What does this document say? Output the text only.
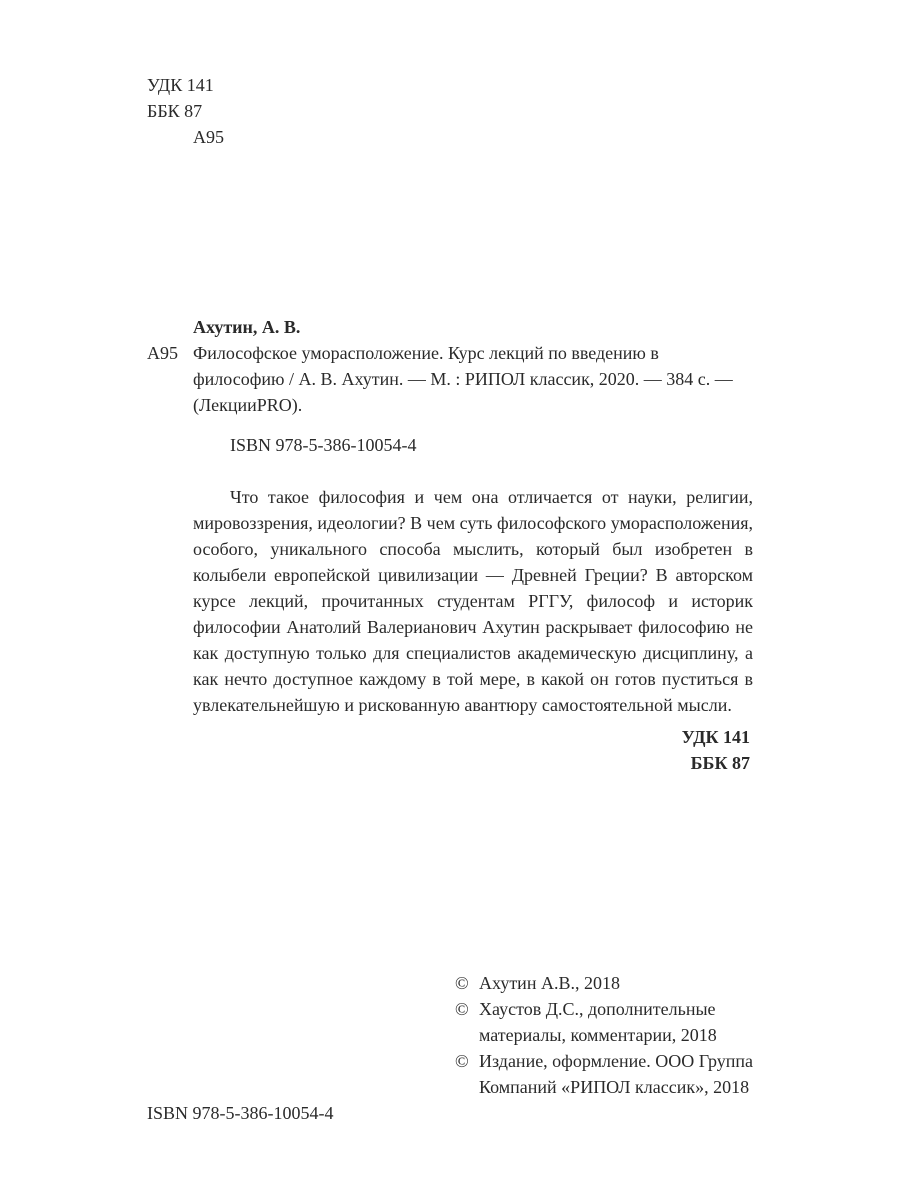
УДК 141
ББК 87
А95
Ахутин, А. В.
А95 Философское уморасположение. Курс лекций по введению в философию / А. В. Ахутин. — М. : РИПОЛ классик, 2020. — 384 с. — (ЛекцииPRO).
ISBN 978-5-386-10054-4

Что такое философия и чем она отличается от науки, религии, мировоззрения, идеологии? В чем суть философского уморасположения, особого, уникального способа мыслить, который был изобретен в колыбели европейской цивилизации — Древней Греции? В авторском курсе лекций, прочитанных студентам РГГУ, философ и историк философии Анатолий Валерианович Ахутин раскрывает философию не как доступную только для специалистов академическую дисциплину, а как нечто доступное каждому в той мере, в какой он готов пуститься в увлекательнейшую и рискованную авантюру самостоятельной мысли.

УДК 141
ББК 87
© Ахутин А.В., 2018
© Хаустов Д.С., дополнительные материалы, комментарии, 2018
© Издание, оформление. ООО Группа Компаний «РИПОЛ классик», 2018
ISBN 978-5-386-10054-4
